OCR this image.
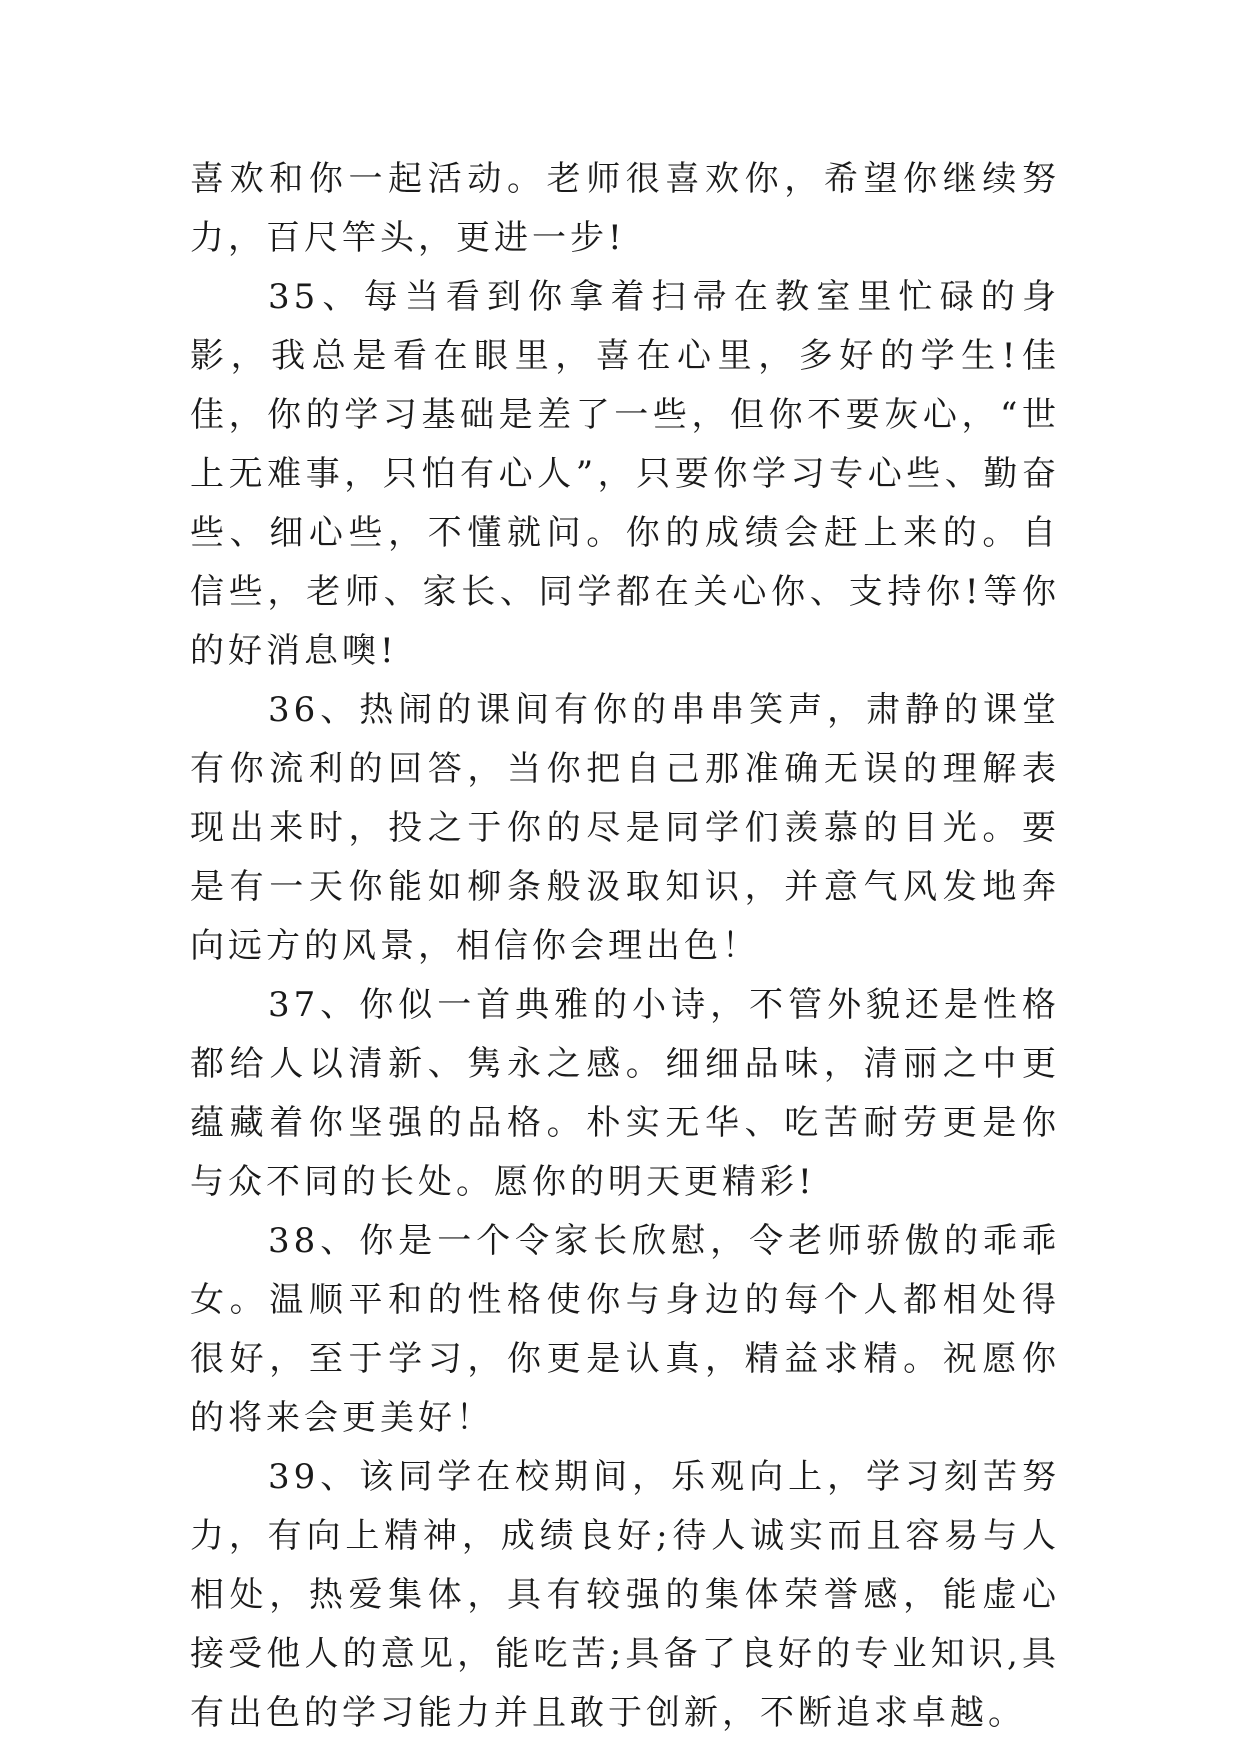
喜欢和你一起活动。老师很喜欢你，希望你继续努力，百尺竿头，更进一步!

35、每当看到你拿着扫帚在教室里忙碌的身影，我总是看在眼里，喜在心里，多好的学生!佳佳，你的学习基础是差了一些，但你不要灰心，“世上无难事，只怕有心人”，只要你学习专心些、勤奋些、细心些，不懂就问。你的成绩会赶上来的。自信些，老师、家长、同学都在关心你、支持你!等你的好消息噢!

36、热闹的课间有你的串串笑声，肃静的课堂有你流利的回答，当你把自己那准确无误的理解表现出来时，投之于你的尽是同学们羡慕的目光。要是有一天你能如柳条般汲取知识，并意气风发地奔向远方的风景，相信你会理出色！

37、你似一首典雅的小诗，不管外貌还是性格都给人以清新、隽永之感。细细品味，清丽之中更蕴藏着你坚强的品格。朴实无华、吃苦耐劳更是你与众不同的长处。愿你的明天更精彩!

38、你是一个令家长欣慰，令老师骄傲的乖乖女。温顺平和的性格使你与身边的每个人都相处得很好，至于学习，你更是认真，精益求精。祝愿你的将来会更美好！

39、该同学在校期间，乐观向上，学习刻苦努力，有向上精神，成绩良好;待人诚实而且容易与人相处，热爱集体，具有较强的集体荣誉感，能虚心接受他人的意见，能吃苦;具备了良好的专业知识,具有出色的学习能力并且敢于创新，不断追求卓越。
